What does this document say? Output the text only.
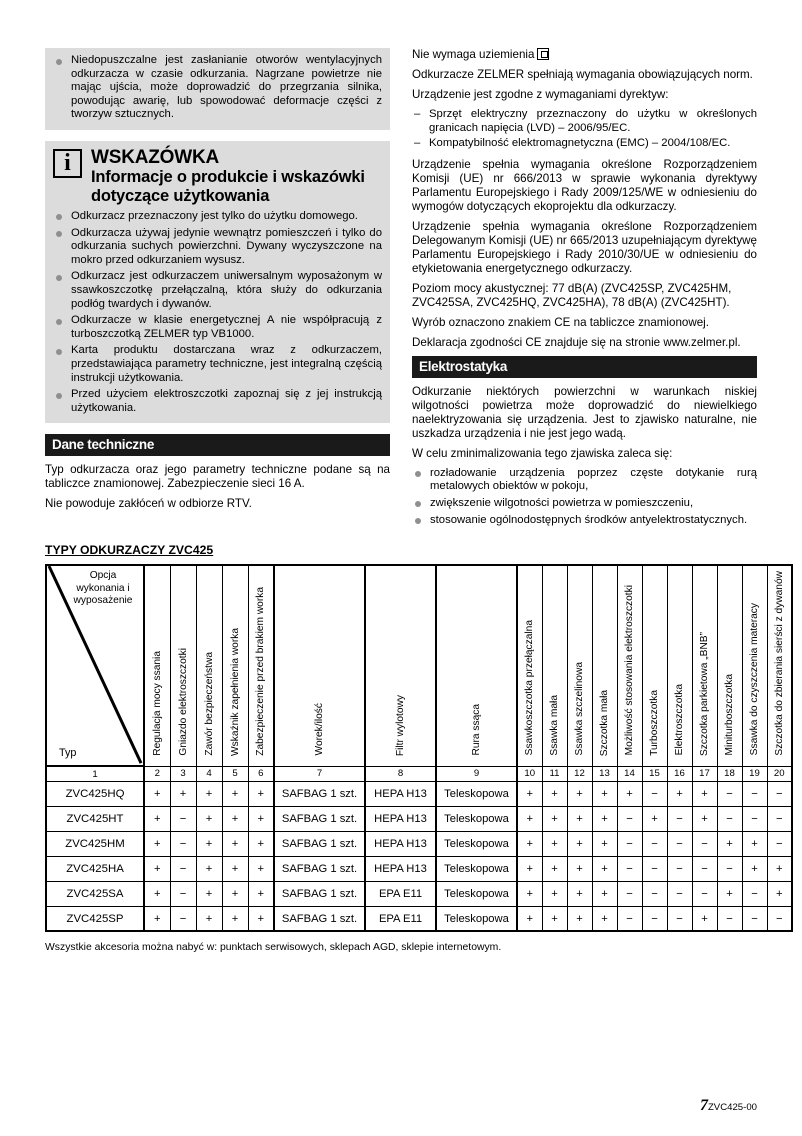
Niedopuszczalne jest zasłanianie otworów wentylacyjnych odkurzacza w czasie odkurzania. Nagrzane powietrze nie mając ujścia, może doprowadzić do przegrzania silnika, powodując awarię, lub spowodować deformacje części z tworzyw sztucznych.
i	WSKAZÓWKA
Informacje o produkcie i wskazówki dotyczące użytkowania
Odkurzacz przeznaczony jest tylko do użytku domowego.
Odkurzacza używaj jedynie wewnątrz pomieszczeń i tylko do odkurzania suchych powierzchni. Dywany wyczyszczone na mokro przed odkurzaniem wysusz.
Odkurzacz jest odkurzaczem uniwersalnym wyposażonym w ssawkoszczotkę przełączalną, która służy do odkurzania podłóg twardych i dywanów.
Odkurzacze w klasie energetycznej A nie współpracują z turboszczotką ZELMER typ VB1000.
Karta produktu dostarczana wraz z odkurzaczem, przedstawiająca parametry techniczne, jest integralną częścią instrukcji użytkowania.
Przed użyciem elektroszczotki zapoznaj się z jej instrukcją użytkowania.
Dane techniczne

Typ odkurzacza oraz jego parametry techniczne podane są na tabliczce znamionowej. Zabezpieczenie sieci 16 A.

Nie powoduje zakłóceń w odbiorze RTV.

Nie wymaga uziemienia

Odkurzacze ZELMER spełniają wymagania obowiązujących norm.

Urządzenie jest zgodne z wymaganiami dyrektyw:

– Sprzęt elektryczny przeznaczony do użytku w określonych granicach napięcia (LVD) – 2006/95/EC.
– Kompatybilność elektromagnetyczna (EMC) – 2004/108/EC.

Urządzenie spełnia wymagania określone Rozporządzeniem Komisji (UE) nr 666/2013 w sprawie wykonania dyrektywy Parlamentu Europejskiego i Rady 2009/125/WE w odniesieniu do wymogów dotyczących ekoprojektu dla odkurzaczy.

Urządzenie spełnia wymagania określone Rozporządzeniem Delegowanym Komisji (UE) nr 665/2013 uzupełniającym dyrektywę Parlamentu Europejskiego i Rady 2010/30/UE w odniesieniu do etykietowania energetycznego odkurzaczy.

Poziom mocy akustycznej: 77 dB(A) (ZVC425SP, ZVC425HM, ZVC425SA, ZVC425HQ, ZVC425HA), 78 dB(A) (ZVC425HT).

Wyrób oznaczono znakiem CE na tabliczce znamionowej.

Deklaracja zgodności CE znajduje się na stronie www.zelmer.pl.

Elektrostatyka

Odkurzanie niektórych powierzchni w warunkach niskiej wilgotności powietrza może doprowadzić do niewielkiego naelektryzowania się urządzenia. Jest to zjawisko naturalne, nie uszkadza urządzenia i nie jest jego wadą.

W celu zminimalizowania tego zjawiska zaleca się:

rozładowanie urządzenia poprzez częste dotykanie rurą metalowych obiektów w pokoju,
zwiększenie wilgotności powietrza w pomieszczeniu,
stosowanie ogólnodostępnych środków antyelektrostatycznych.
TYPY ODKURZACZY ZVC425
Opcja wykonania i wyposażenie
Typ	Regulacja mocy ssania	Gniazdo elektroszczotki	Zawór bezpieczeństwa	Wskaźnik zapełnienia worka	Zabezpieczenie przed brakiem worka	Worek/ilość	Filtr wylotowy	Rura ssąca	Ssawkoszczotka przełączalna	Ssawka mała	Ssawka szczelinowa	Szczotka mała	Możliwość stosowania elektroszczotki	Turboszczotka	Elektroszczotka	Szczotka parkietowa „BNB”	Miniturboszczotka	Ssawka do czyszczenia materacy	Szczotka do zbierania sierści z dywanów
1	2	3	4	5	6	7	8	9	10	11	12	13	14	15	16	17	18	19	20
ZVC425HQ	+	+	+	+	+	SAFBAG 1 szt.	HEPA H13	Teleskopowa	+	+	+	+	+	−	+	+	−	−	−
ZVC425HT	+	−	+	+	+	SAFBAG 1 szt.	HEPA H13	Teleskopowa	+	+	+	+	−	+	−	+	−	−	−
ZVC425HM	+	−	+	+	+	SAFBAG 1 szt.	HEPA H13	Teleskopowa	+	+	+	+	−	−	−	−	+	+	−
ZVC425HA	+	−	+	+	+	SAFBAG 1 szt.	HEPA H13	Teleskopowa	+	+	+	+	−	−	−	−	−	+	+
ZVC425SA	+	−	+	+	+	SAFBAG 1 szt.	EPA E11	Teleskopowa	+	+	+	+	−	−	−	−	+	−	+
ZVC425SP	+	−	+	+	+	SAFBAG 1 szt.	EPA E11	Teleskopowa	+	+	+	+	−	−	−	+	−	−	−
Wszystkie akcesoria można nabyć w: punktach serwisowych, sklepach AGD, sklepie internetowym.
7ZVC425-00
